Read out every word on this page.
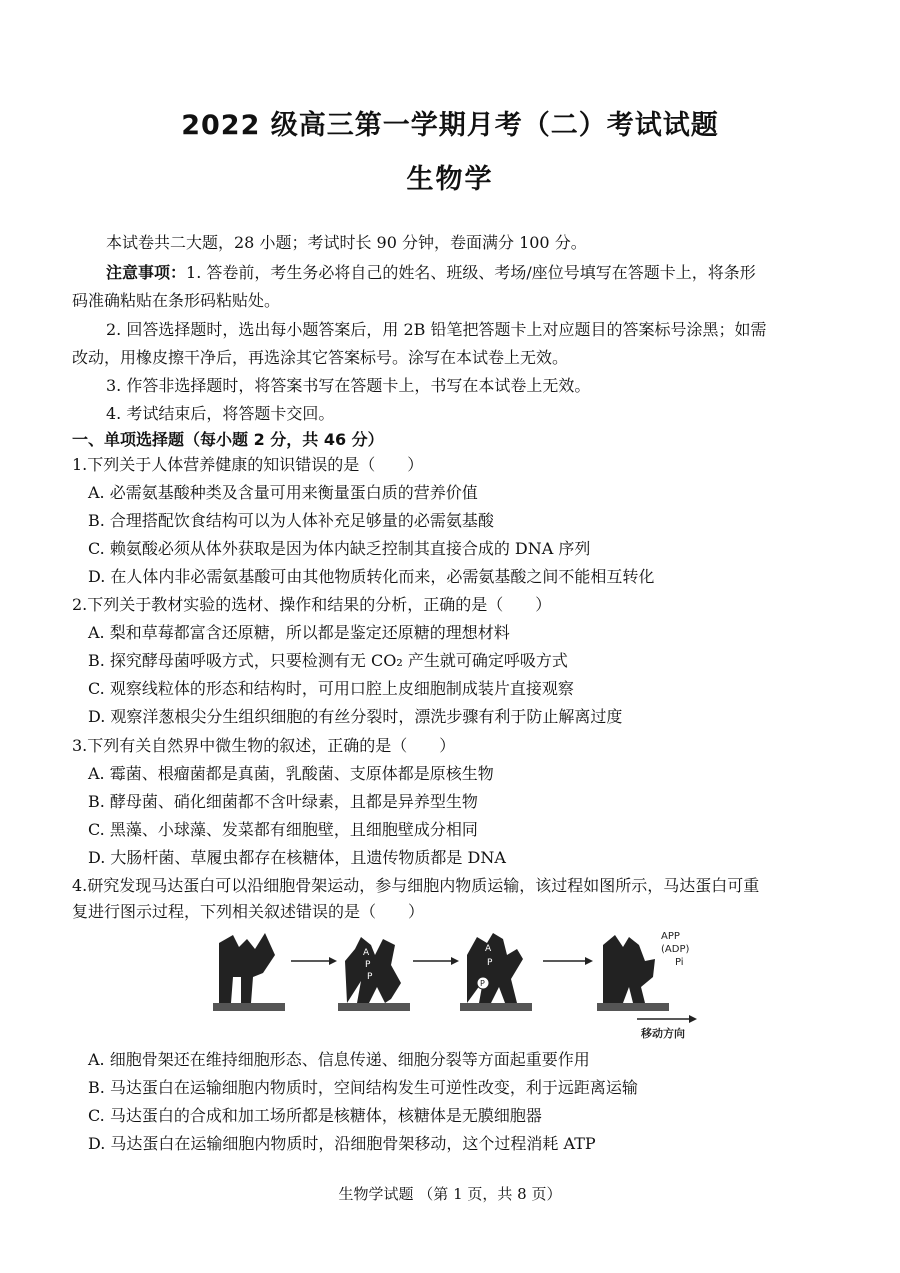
2022 级高三第一学期月考（二）考试试题
生物学
本试卷共二大题，28 小题；考试时长 90 分钟，卷面满分 100 分。
注意事项：1. 答卷前，考生务必将自己的姓名、班级、考场/座位号填写在答题卡上，将条形
码准确粘贴在条形码粘贴处。
2. 回答选择题时，选出每小题答案后，用 2B 铅笔把答题卡上对应题目的答案标号涂黑；如需
改动，用橡皮擦干净后，再选涂其它答案标号。涂写在本试卷上无效。
3. 作答非选择题时，将答案书写在答题卡上，书写在本试卷上无效。
4. 考试结束后，将答题卡交回。
一、单项选择题（每小题 2 分，共 46 分）
1.下列关于人体营养健康的知识错误的是（　　）
A. 必需氨基酸种类及含量可用来衡量蛋白质的营养价值
B. 合理搭配饮食结构可以为人体补充足够量的必需氨基酸
C. 赖氨酸必须从体外获取是因为体内缺乏控制其直接合成的 DNA 序列
D. 在人体内非必需氨基酸可由其他物质转化而来，必需氨基酸之间不能相互转化
2.下列关于教材实验的选材、操作和结果的分析，正确的是（　　）
A. 梨和草莓都富含还原糖，所以都是鉴定还原糖的理想材料
B. 探究酵母菌呼吸方式，只要检测有无 CO₂ 产生就可确定呼吸方式
C. 观察线粒体的形态和结构时，可用口腔上皮细胞制成装片直接观察
D. 观察洋葱根尖分生组织细胞的有丝分裂时，漂洗步骤有利于防止解离过度
3.下列有关自然界中微生物的叙述，正确的是（　　）
A. 霉菌、根瘤菌都是真菌，乳酸菌、支原体都是原核生物
B. 酵母菌、硝化细菌都不含叶绿素，且都是异养型生物
C. 黑藻、小球藻、发菜都有细胞壁，且细胞壁成分相同
D. 大肠杆菌、草履虫都存在核糖体，且遗传物质都是 DNA
4.研究发现马达蛋白可以沿细胞骨架运动，参与细胞内物质运输，该过程如图所示，马达蛋白可重
复进行图示过程，下列相关叙述错误的是（　　）
A
P
P
A
P
P
APP
(ADP)
Pi
移动方向
A. 细胞骨架还在维持细胞形态、信息传递、细胞分裂等方面起重要作用
B. 马达蛋白在运输细胞内物质时，空间结构发生可逆性改变，利于远距离运输
C. 马达蛋白的合成和加工场所都是核糖体，核糖体是无膜细胞器
D. 马达蛋白在运输细胞内物质时，沿细胞骨架移动，这个过程消耗 ATP
生物学试题 （第 1 页，共 8 页）
